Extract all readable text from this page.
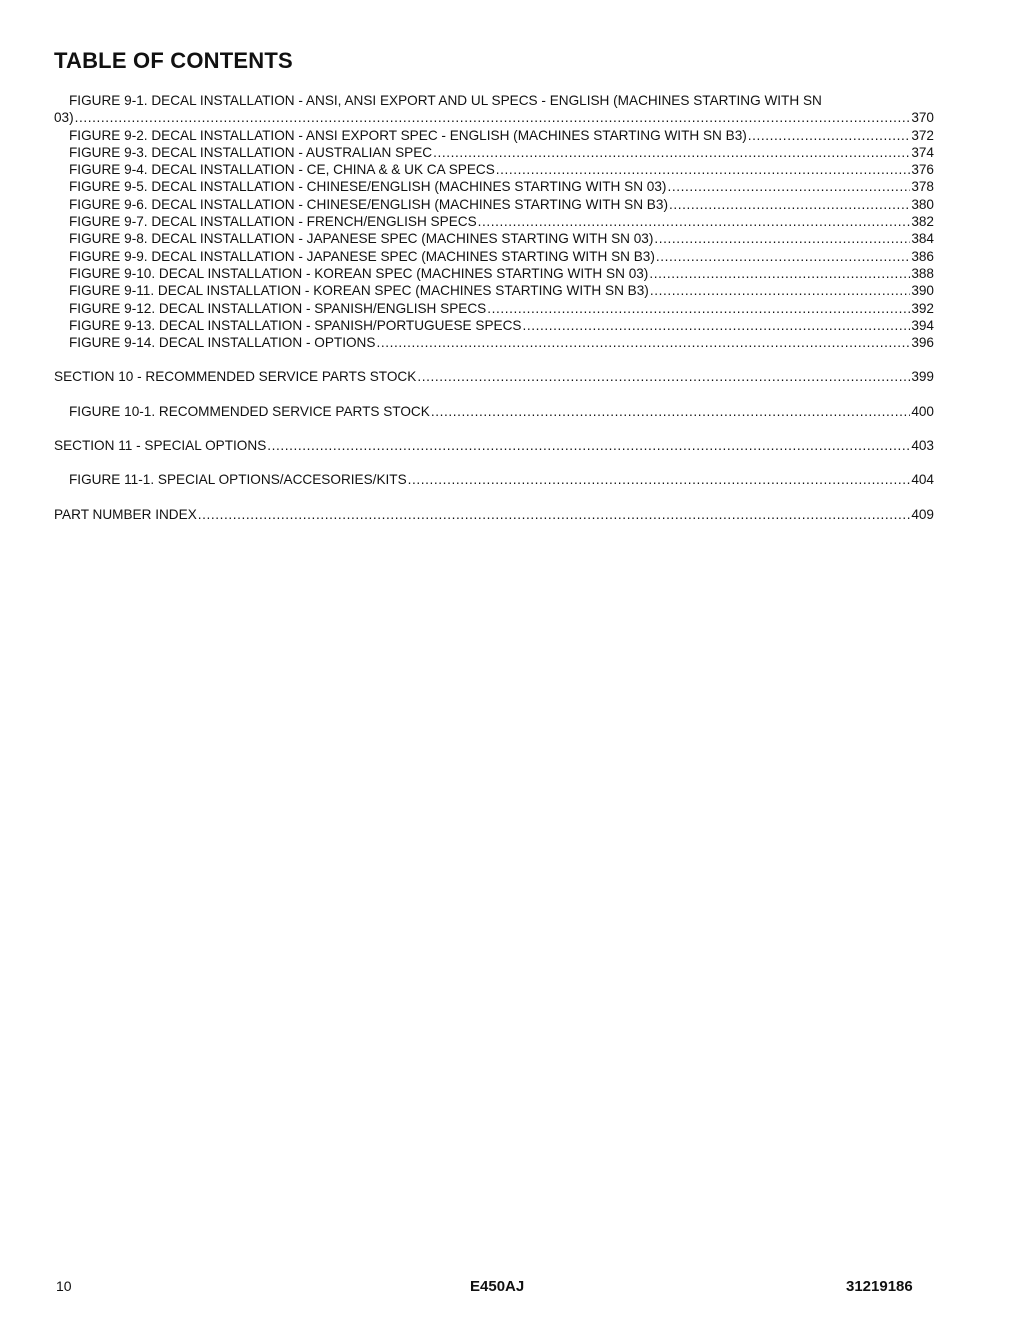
TABLE OF CONTENTS
FIGURE 9-1. DECAL INSTALLATION - ANSI, ANSI EXPORT AND UL SPECS - ENGLISH (MACHINES STARTING WITH SN
03) .....	370
FIGURE 9-2. DECAL INSTALLATION - ANSI EXPORT SPEC - ENGLISH (MACHINES STARTING WITH SN B3) .....	372
FIGURE 9-3. DECAL INSTALLATION - AUSTRALIAN SPEC .....	374
FIGURE 9-4. DECAL INSTALLATION - CE, CHINA & & UK CA SPECS .....	376
FIGURE 9-5. DECAL INSTALLATION - CHINESE/ENGLISH (MACHINES STARTING WITH SN 03) .....	378
FIGURE 9-6. DECAL INSTALLATION - CHINESE/ENGLISH (MACHINES STARTING WITH SN B3) .....	380
FIGURE 9-7. DECAL INSTALLATION - FRENCH/ENGLISH SPECS .....	382
FIGURE 9-8. DECAL INSTALLATION - JAPANESE SPEC (MACHINES STARTING WITH SN 03) .....	384
FIGURE 9-9. DECAL INSTALLATION - JAPANESE SPEC (MACHINES STARTING WITH SN B3) .....	386
FIGURE 9-10. DECAL INSTALLATION - KOREAN SPEC (MACHINES STARTING WITH SN 03) .....	388
FIGURE 9-11. DECAL INSTALLATION - KOREAN SPEC (MACHINES STARTING WITH SN B3) .....	390
FIGURE 9-12. DECAL INSTALLATION - SPANISH/ENGLISH SPECS .....	392
FIGURE 9-13. DECAL INSTALLATION - SPANISH/PORTUGUESE SPECS .....	394
FIGURE 9-14. DECAL INSTALLATION - OPTIONS .....	396
SECTION 10 - RECOMMENDED SERVICE PARTS STOCK .....	399
FIGURE 10-1. RECOMMENDED SERVICE PARTS STOCK .....	400
SECTION 11 - SPECIAL OPTIONS .....	403
FIGURE 11-1. SPECIAL OPTIONS/ACCESORIES/KITS .....	404
PART NUMBER INDEX .....	409
10	E450AJ	31219186
